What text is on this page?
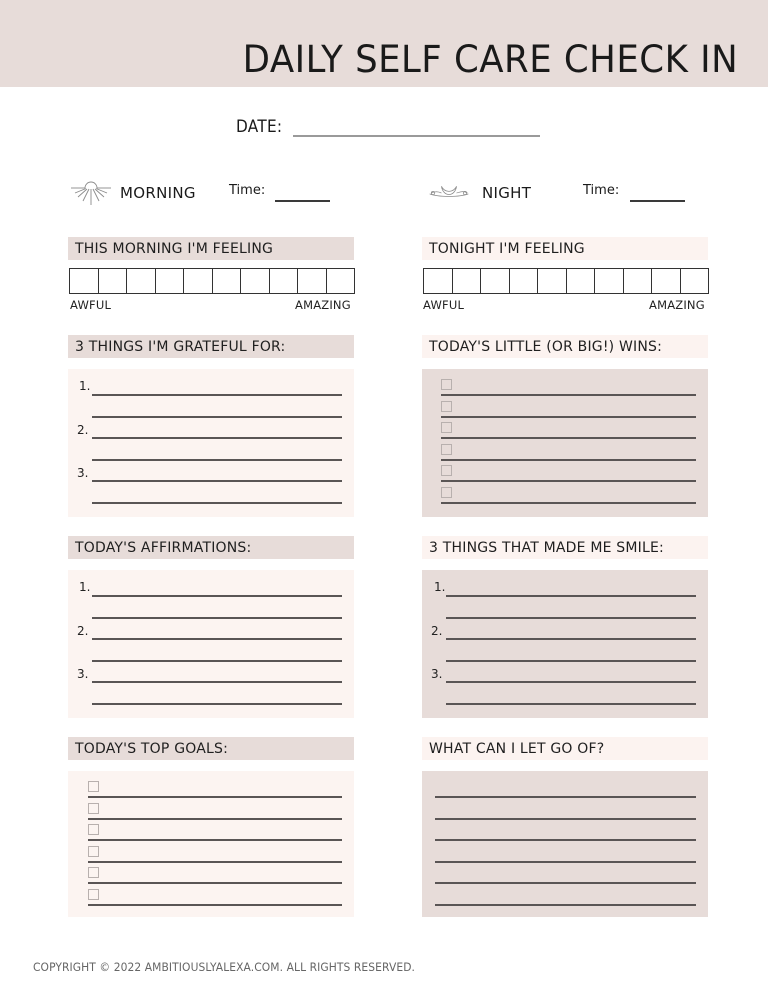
DAILY SELF CARE CHECK IN
DATE:
MORNING	Time:	NIGHT	Time:
THIS MORNING I'M FEELING
AWFUL	AMAZING
TONIGHT I'M FEELING
AWFUL	AMAZING
3 THINGS I'M GRATEFUL FOR:
1.
2.
3.
TODAY'S LITTLE (OR BIG!) WINS:
TODAY'S AFFIRMATIONS:
1.
2.
3.
3 THINGS THAT MADE ME SMILE:
1.
2.
3.
TODAY'S TOP GOALS:	WHAT CAN I LET GO OF?
COPYRIGHT © 2022 AMBITIOUSLYALEXA.COM. ALL RIGHTS RESERVED.
